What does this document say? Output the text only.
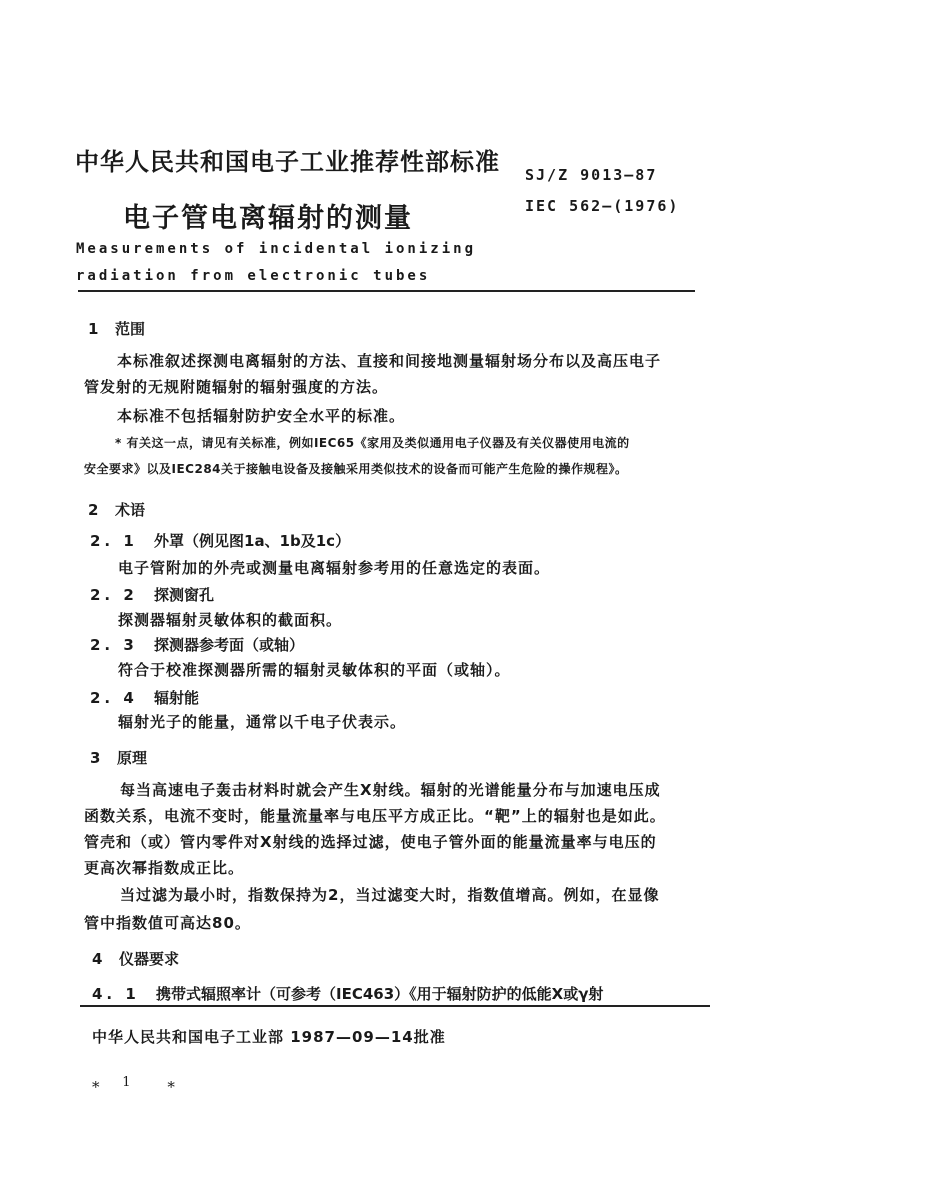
中华人民共和国电子工业推荐性部标准 SJ/Z 9013—87
电子管电离辐射的测量	IEC 562—(1976)
Measurements of incidental ionizing
radiation from electronic tubes
1 范围
本标准叙述探测电离辐射的方法、直接和间接地测量辐射场分布以及高压电子
管发射的无规附随辐射的辐射强度的方法。
本标准不包括辐射防护安全水平的标准。
* 有关这一点，请见有关标准，例如IEC65《家用及类似通用电子仪器及有关仪器使用电流的
安全要求》以及IEC284关于接触电设备及接触采用类似技术的设备而可能产生危险的操作规程》。
2 术语
2. 1 外罩（例见图1a、1b及1c）
电子管附加的外壳或测量电离辐射参考用的任意选定的表面。
2. 2 探测窗孔
探测器辐射灵敏体积的截面积。
2. 3 探测器参考面（或轴）
符合于校准探测器所需的辐射灵敏体积的平面（或轴）。
2. 4 辐射能
辐射光子的能量，通常以千电子伏表示。
3 原理
每当高速电子轰击材料时就会产生X射线。辐射的光谱能量分布与加速电压成
函数关系，电流不变时，能量流量率与电压平方成正比。“靶”上的辐射也是如此。
管壳和（或）管内零件对X射线的选择过滤，使电子管外面的能量流量率与电压的
更高次幂指数成正比。
当过滤为最小时，指数保持为2，当过滤变大时，指数值增高。例如，在显像
管中指数值可高达80。
4 仪器要求
4. 1 携带式辐照率计（可参考（IEC463）《用于辐射防护的低能X或γ射
中华人民共和国电子工业部 1987—09—14批准
* 1 *
